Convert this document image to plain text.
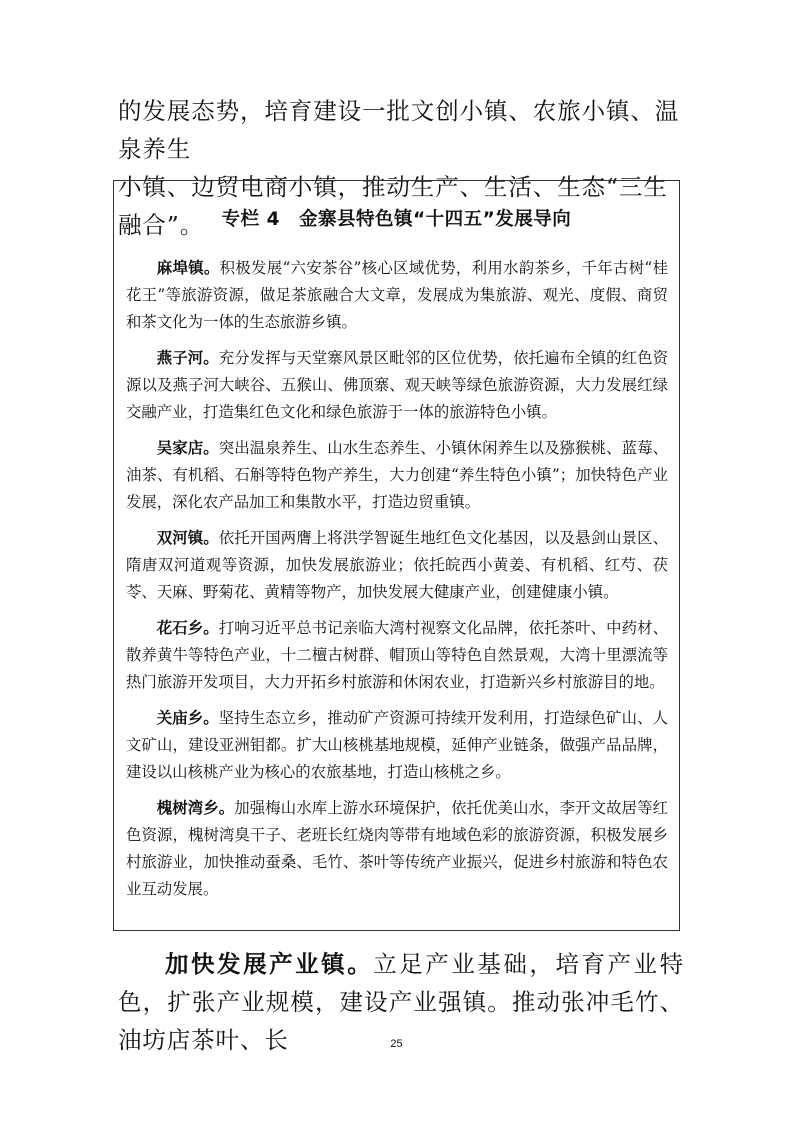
的发展态势，培育建设一批文创小镇、农旅小镇、温泉养生

小镇、边贸电商小镇，推动生产、生活、生态“三生融合”。 专栏 4　金寨县特色镇“十四五”发展导向

麻埠镇。积极发展“六安茶谷”核心区域优势，利用水韵茶乡，千年古树“桂花王”等旅游资源，做足茶旅融合大文章，发展成为集旅游、观光、度假、商贸和茶文化为一体的生态旅游乡镇。

燕子河。充分发挥与天堂寨风景区毗邻的区位优势，依托遍布全镇的红色资源以及燕子河大峡谷、五猴山、佛顶寨、观天峡等绿色旅游资源，大力发展红绿交融产业，打造集红色文化和绿色旅游于一体的旅游特色小镇。

吴家店。突出温泉养生、山水生态养生、小镇休闲养生以及猕猴桃、蓝莓、油茶、有机稻、石斛等特色物产养生，大力创建“养生特色小镇”；加快特色产业发展，深化农产品加工和集散水平，打造边贸重镇。

双河镇。依托开国两膺上将洪学智诞生地红色文化基因，以及悬剑山景区、隋唐双河道观等资源，加快发展旅游业；依托皖西小黄姜、有机稻、红芍、茯苓、天麻、野菊花、黄精等物产，加快发展大健康产业，创建健康小镇。

花石乡。打响习近平总书记亲临大湾村视察文化品牌，依托茶叶、中药材、散养黄牛等特色产业，十二檀古树群、帽顶山等特色自然景观，大湾十里漂流等热门旅游开发项目，大力开拓乡村旅游和休闲农业，打造新兴乡村旅游目的地。

关庙乡。坚持生态立乡，推动矿产资源可持续开发利用，打造绿色矿山、人文矿山，建设亚洲钼都。扩大山核桃基地规模，延伸产业链条，做强产品品牌，建设以山核桃产业为核心的农旅基地，打造山核桃之乡。

槐树湾乡。加强梅山水库上游水环境保护，依托优美山水，李开文故居等红色资源，槐树湾臭干子、老班长红烧肉等带有地域色彩的旅游资源，积极发展乡村旅游业，加快推动蚕桑、毛竹、茶叶等传统产业振兴，促进乡村旅游和特色农业互动发展。

加快发展产业镇。立足产业基础，培育产业特色，扩张产业规模，建设产业强镇。推动张冲毛竹、油坊店茶叶、长	25
